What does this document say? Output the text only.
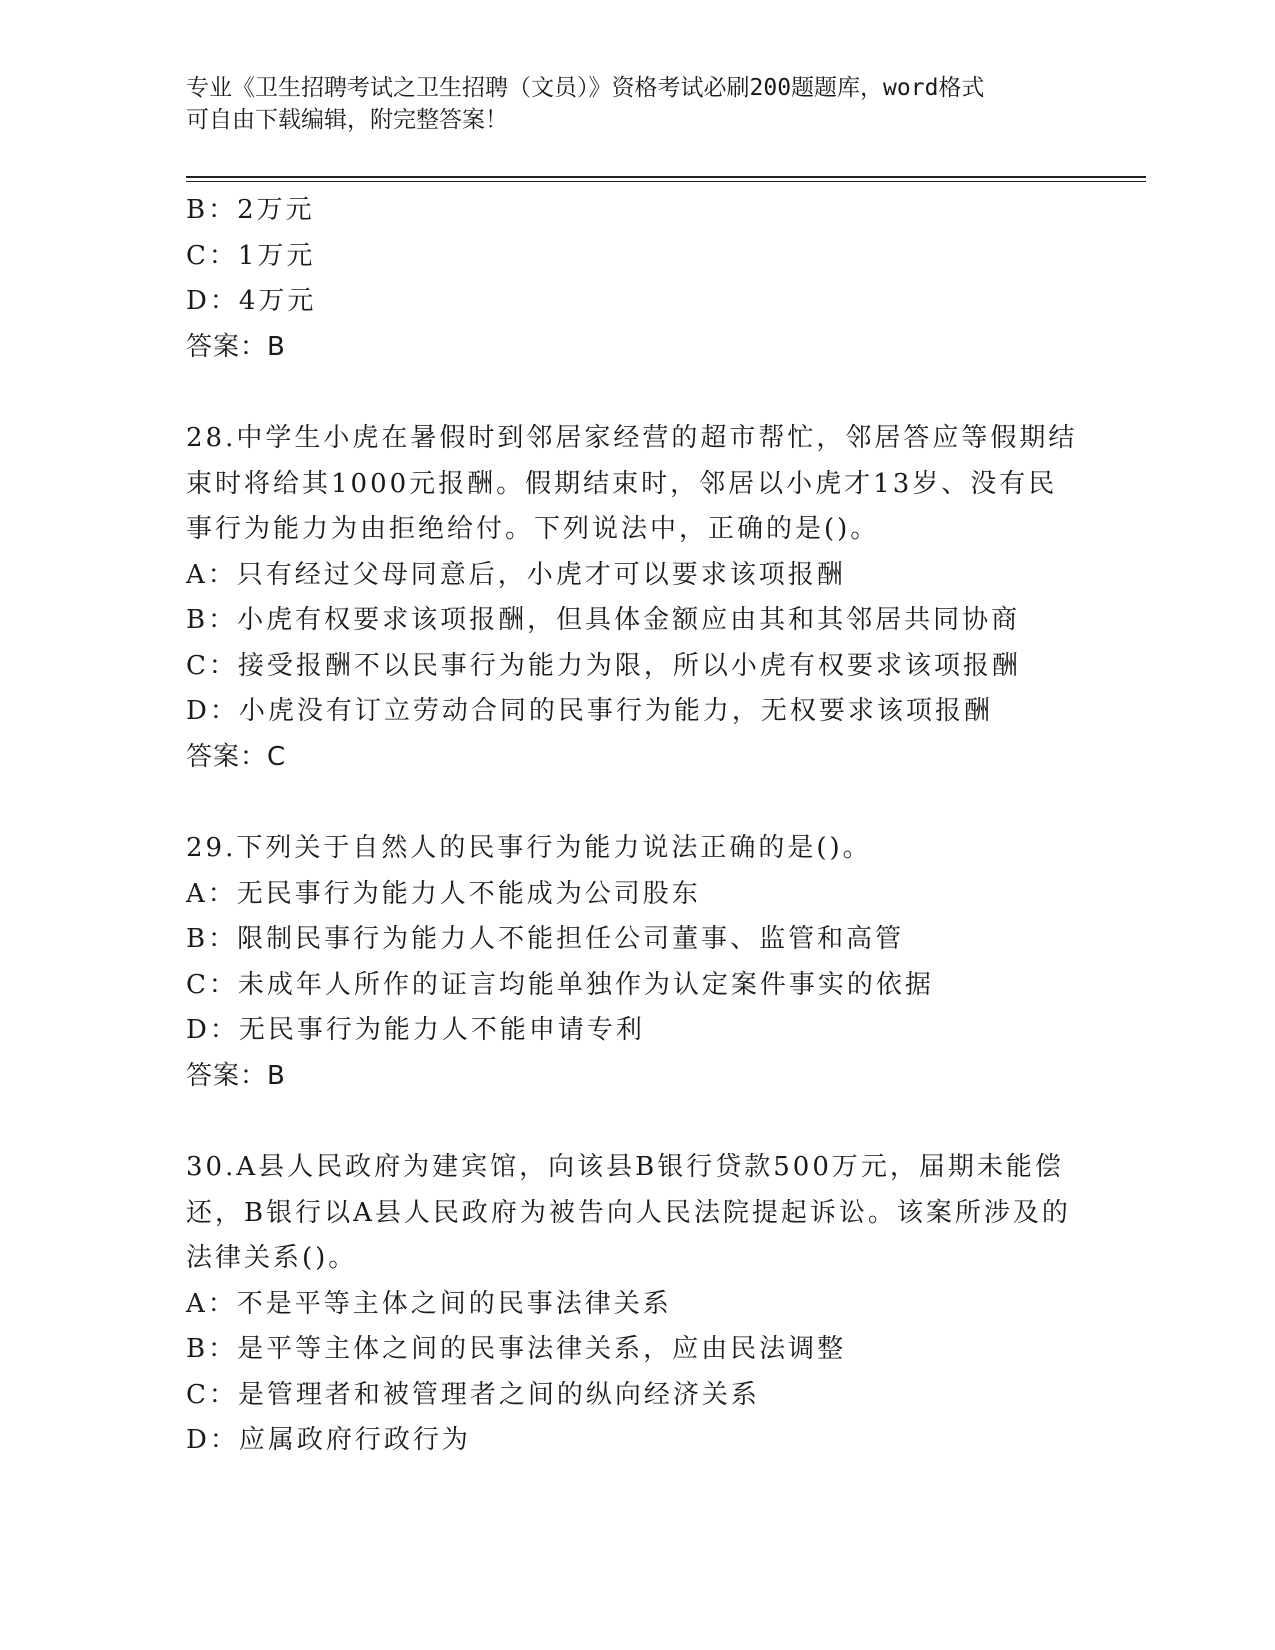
专业《卫生招聘考试之卫生招聘（文员）》资格考试必刷200题题库，word格式

可自由下载编辑，附完整答案！

B：2万元
C：1万元
D：4万元
答案：B
28.中学生小虎在暑假时到邻居家经营的超市帮忙，邻居答应等假期结
束时将给其1000元报酬。假期结束时，邻居以小虎才13岁、没有民
事行为能力为由拒绝给付。下列说法中，正确的是()。
A：只有经过父母同意后，小虎才可以要求该项报酬
B：小虎有权要求该项报酬，但具体金额应由其和其邻居共同协商
C：接受报酬不以民事行为能力为限，所以小虎有权要求该项报酬
D：小虎没有订立劳动合同的民事行为能力，无权要求该项报酬
答案：C
29.下列关于自然人的民事行为能力说法正确的是()。
A：无民事行为能力人不能成为公司股东
B：限制民事行为能力人不能担任公司董事、监管和高管
C：未成年人所作的证言均能单独作为认定案件事实的依据
D：无民事行为能力人不能申请专利
答案：B
30.A县人民政府为建宾馆，向该县B银行贷款500万元，届期未能偿
还，B银行以A县人民政府为被告向人民法院提起诉讼。该案所涉及的
法律关系()。
A：不是平等主体之间的民事法律关系
B：是平等主体之间的民事法律关系，应由民法调整
C：是管理者和被管理者之间的纵向经济关系
D：应属政府行政行为
